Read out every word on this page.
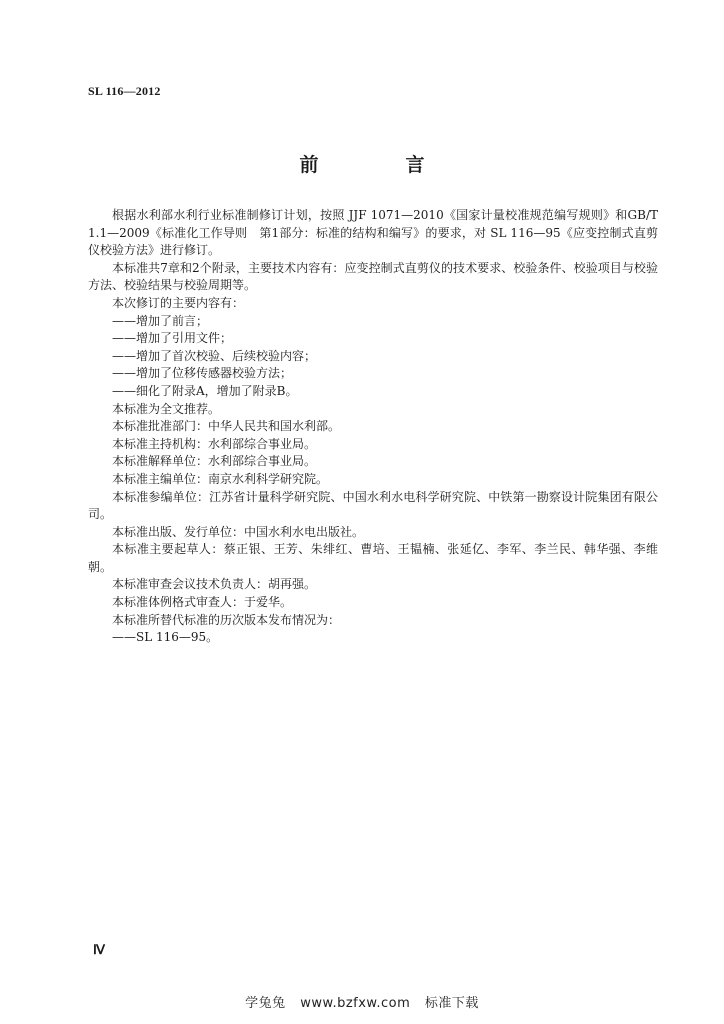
SL 116—2012
前　言

根据水利部水利行业标准制修订计划，按照 JJF 1071—2010《国家计量校准规范编写规则》和GB/T 1.1—2009《标准化工作导则　第1部分：标准的结构和编写》的要求，对 SL 116—95《应变控制式直剪仪校验方法》进行修订。

本标准共7章和2个附录，主要技术内容有：应变控制式直剪仪的技术要求、校验条件、校验项目与校验方法、校验结果与校验周期等。

本次修订的主要内容有：

——增加了前言；

——增加了引用文件；

——增加了首次校验、后续校验内容；

——增加了位移传感器校验方法；

——细化了附录A，增加了附录B。

本标准为全文推荐。

本标准批准部门：中华人民共和国水利部。

本标准主持机构：水利部综合事业局。

本标准解释单位：水利部综合事业局。

本标准主编单位：南京水利科学研究院。

本标准参编单位：江苏省计量科学研究院、中国水利水电科学研究院、中铁第一勘察设计院集团有限公司。

本标准出版、发行单位：中国水利水电出版社。

本标准主要起草人：蔡正银、王芳、朱绯红、曹培、王韫楠、张延亿、李军、李兰民、韩华强、李维朝。

本标准审查会议技术负责人：胡再强。

本标准体例格式审查人：于爱华。

本标准所替代标准的历次版本发布情况为：

——SL 116—95。

Ⅳ
学兔兔 www.bzfxw.com 标准下载
